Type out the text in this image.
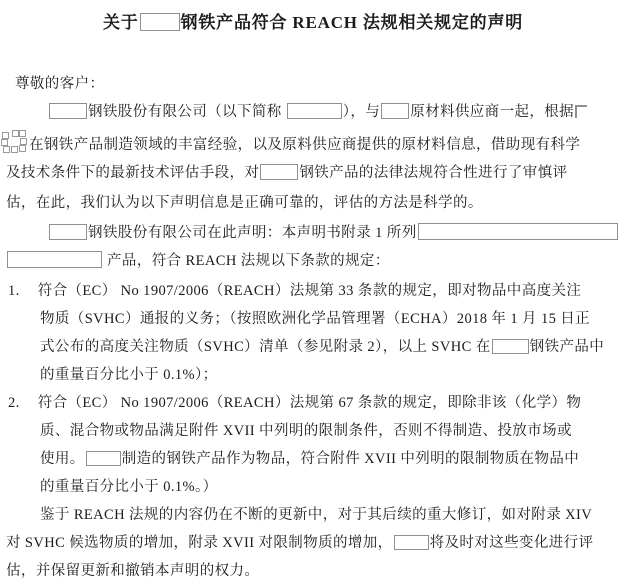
关于 钢铁产品符合 REACH 法规相关规定的声明
尊敬的客户：
钢铁股份有限公司（以下简称	），与 原材料供应商一起，根据
在钢铁产品制造领域的丰富经验，以及原料供应商提供的原材料信息，借助现有科学
及技术条件下的最新技术评估手段，对	钢铁产品的法律法规符合性进行了审慎评
估，在此，我们认为以下声明信息是正确可靠的，评估的方法是科学的。
钢铁股份有限公司在此声明：本声明书附录 1 所列
产品，符合 REACH 法规以下条款的规定：
1. 符合（EC） No 1907/2006（REACH）法规第 33 条款的规定，即对物品中高度关注
物质（SVHC）通报的义务；（按照欧洲化学品管理署（ECHA）2018 年 1 月 15 日正
式公布的高度关注物质（SVHC）清单（参见附录 2），以上 SVHC 在	钢铁产品中
的重量百分比小于 0.1%）；
2. 符合（EC） No 1907/2006（REACH）法规第 67 条款的规定，即除非该（化学）物
质、混合物或物品满足附件 XVII 中列明的限制条件，否则不得制造、投放市场或
使用。	制造的钢铁产品作为物品，符合附件 XVII 中列明的限制物质在物品中
的重量百分比小于 0.1%。）
鉴于 REACH 法规的内容仍在不断的更新中，对于其后续的重大修订，如对附录 XIV
对 SVHC 候选物质的增加，附录 XVII 对限制物质的增加，	将及时对这些变化进行评
估，并保留更新和撤销本声明的权力。
